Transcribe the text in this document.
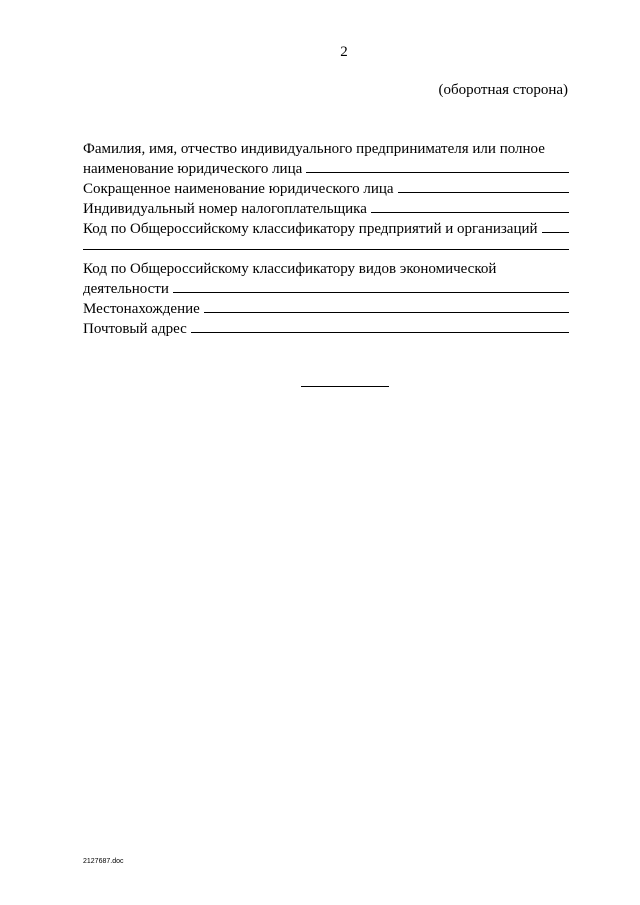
2
(оборотная сторона)
Фамилия, имя, отчество индивидуального предпринимателя или полное
наименование юридического лица
Сокращенное наименование юридического лица
Индивидуальный номер налогоплательщика
Код по Общероссийскому классификатору предприятий и организаций
Код по Общероссийскому классификатору видов экономической
деятельности
Местонахождение
Почтовый адрес
2127687.doc
